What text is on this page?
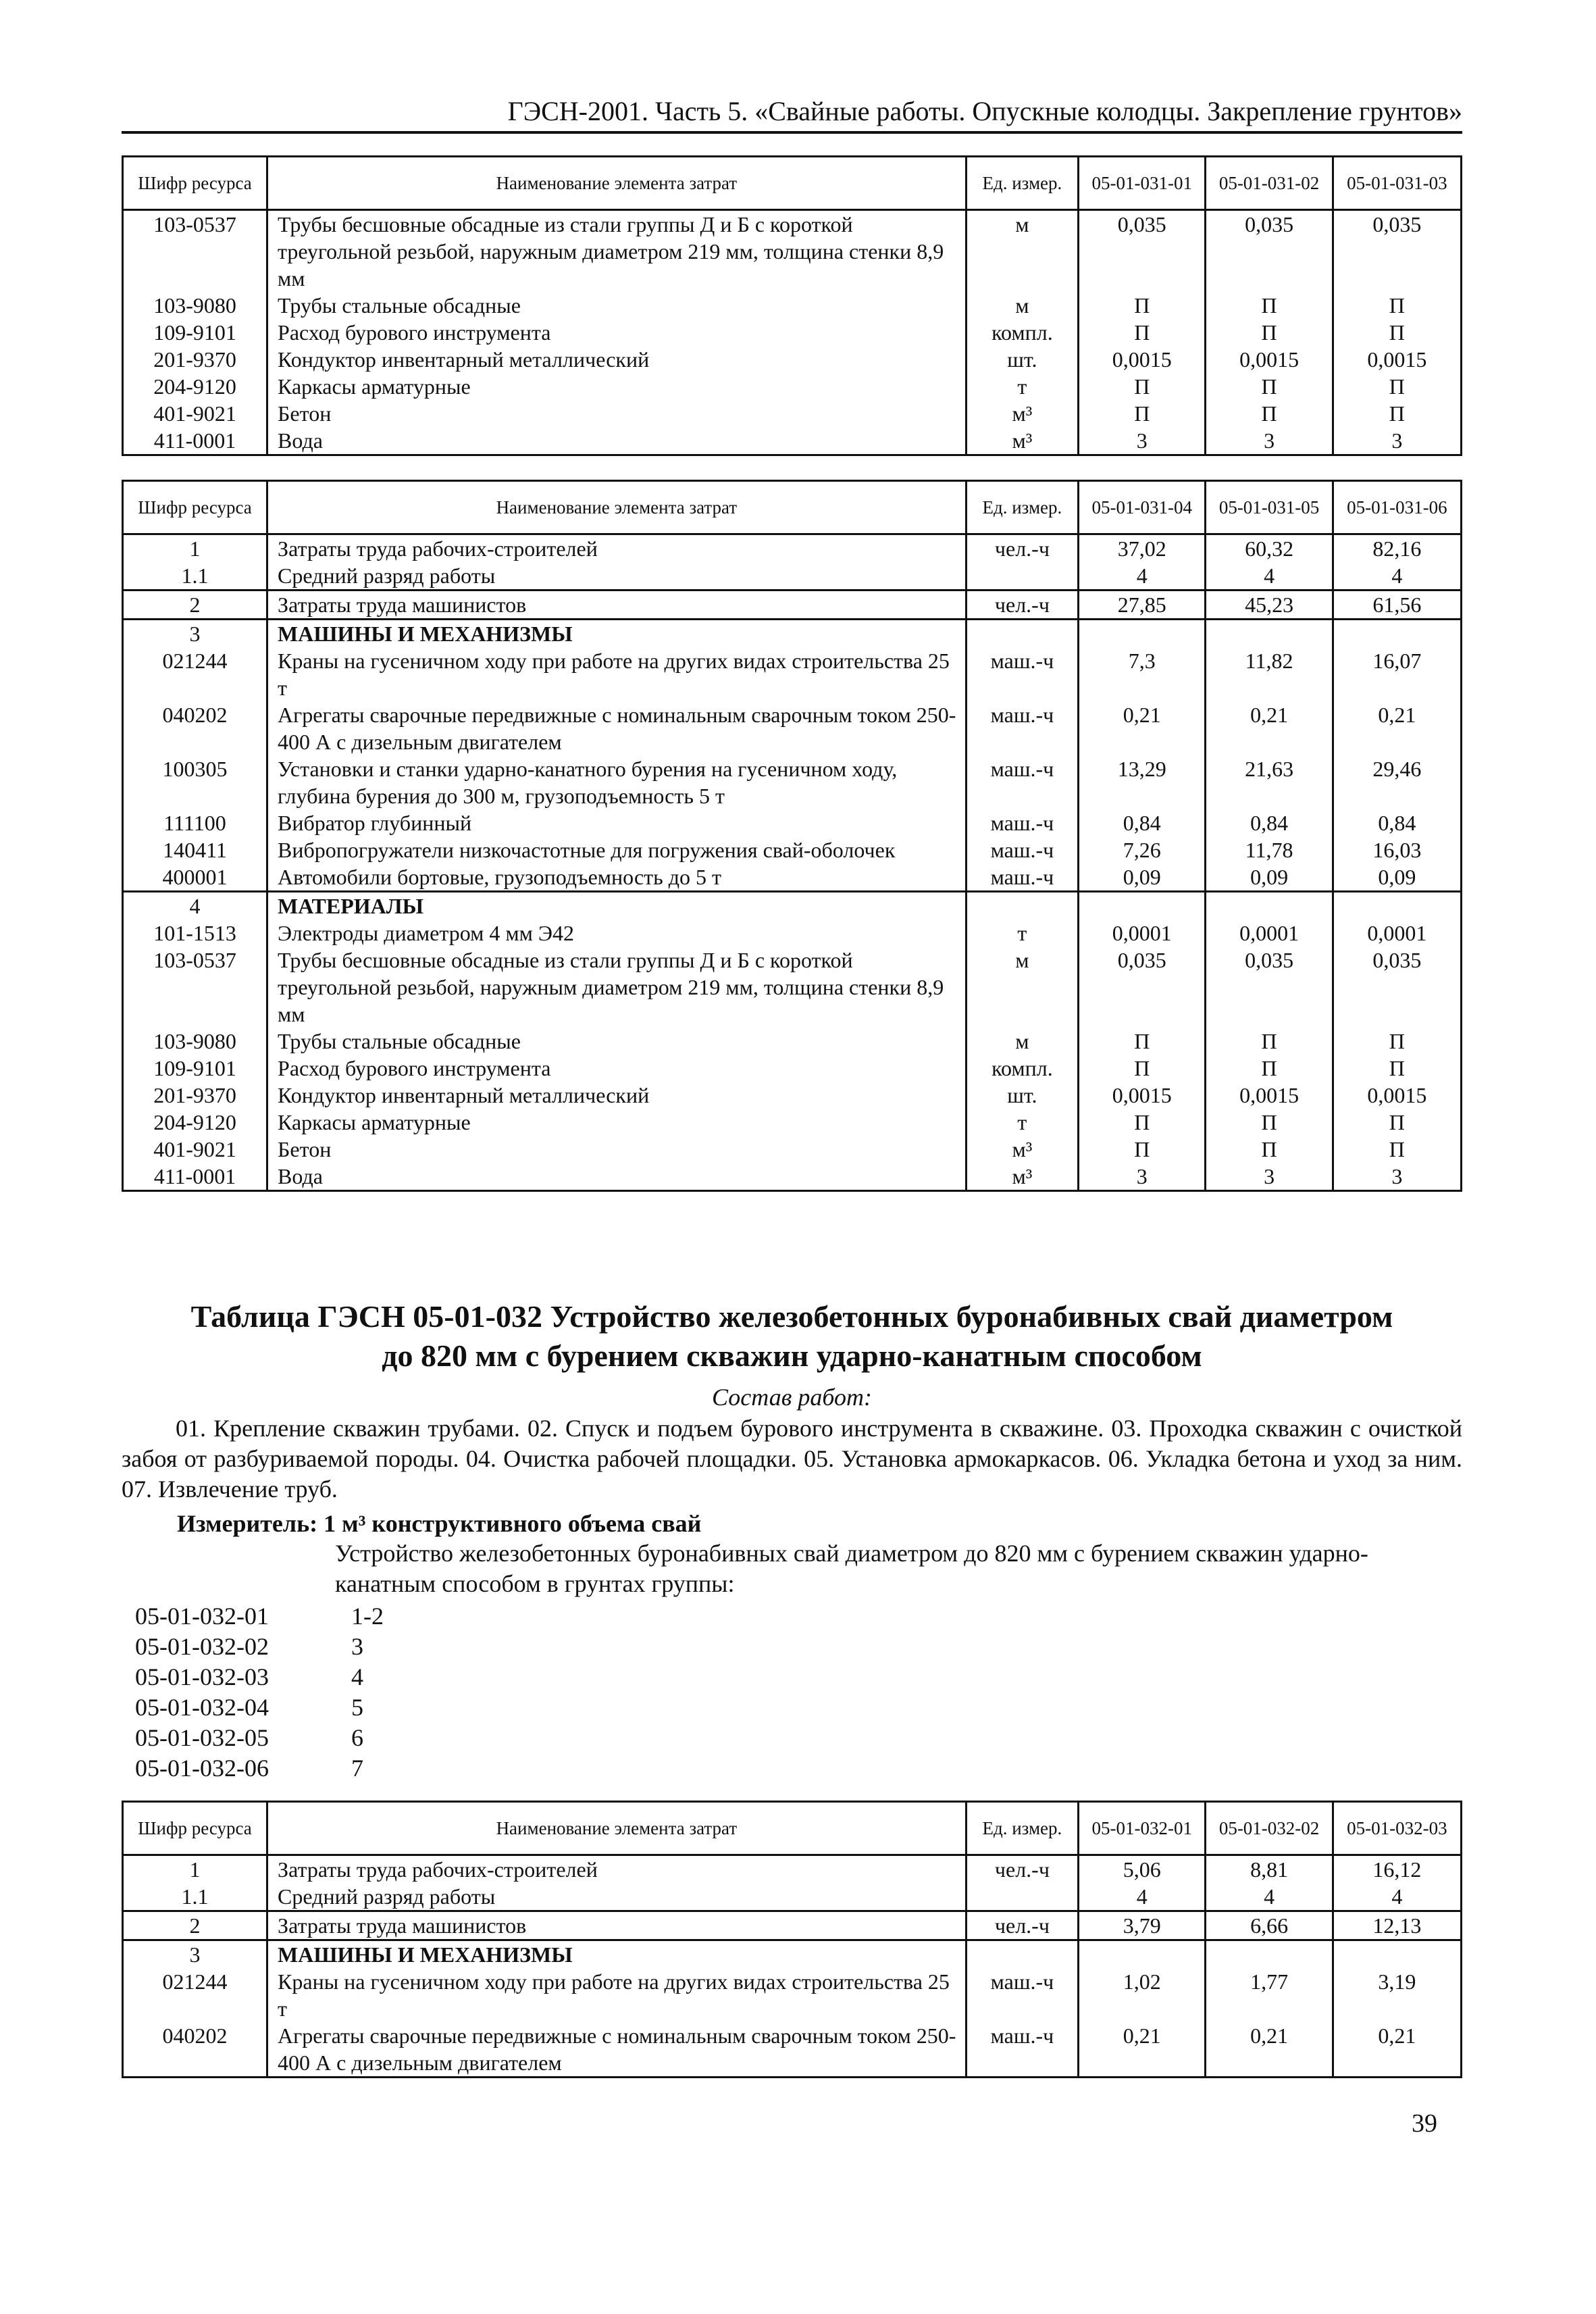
ГЭСН-2001. Часть 5. «Свайные работы. Опускные колодцы. Закрепление грунтов»
Шифр ресурса	Наименование элемента затрат	Ед. измер.	05-01-031-01	05-01-031-02	05-01-031-03
103-0537	Трубы бесшовные обсадные из стали группы Д и Б с короткой треугольной резьбой, наружным диаметром 219 мм, толщина стенки 8,9 мм	м	0,035	0,035	0,035
103-9080	Трубы стальные обсадные	м	П	П	П
109-9101	Расход бурового инструмента	компл.	П	П	П
201-9370	Кондуктор инвентарный металлический	шт.	0,0015	0,0015	0,0015
204-9120	Каркасы арматурные	т	П	П	П
401-9021	Бетон	м³	П	П	П
411-0001	Вода	м³	3	3	3
Шифр ресурса	Наименование элемента затрат	Ед. измер.	05-01-031-04	05-01-031-05	05-01-031-06
1	Затраты труда рабочих-строителей	чел.-ч	37,02	60,32	82,16
1.1	Средний разряд работы		4	4	4
2	Затраты труда машинистов	чел.-ч	27,85	45,23	61,56
3	МАШИНЫ И МЕХАНИЗМЫ				
021244	Краны на гусеничном ходу при работе на других видах строительства 25 т	маш.-ч	7,3	11,82	16,07
040202	Агрегаты сварочные передвижные с номинальным сварочным током 250-400 А с дизельным двигателем	маш.-ч	0,21	0,21	0,21
100305	Установки и станки ударно-канатного бурения на гусеничном ходу, глубина бурения до 300 м, грузоподъемность 5 т	маш.-ч	13,29	21,63	29,46
111100	Вибратор глубинный	маш.-ч	0,84	0,84	0,84
140411	Вибропогружатели низкочастотные для погружения свай-оболочек	маш.-ч	7,26	11,78	16,03
400001	Автомобили бортовые, грузоподъемность до 5 т	маш.-ч	0,09	0,09	0,09
4	МАТЕРИАЛЫ				
101-1513	Электроды диаметром 4 мм Э42	т	0,0001	0,0001	0,0001
103-0537	Трубы бесшовные обсадные из стали группы Д и Б с короткой треугольной резьбой, наружным диаметром 219 мм, толщина стенки 8,9 мм	м	0,035	0,035	0,035
103-9080	Трубы стальные обсадные	м	П	П	П
109-9101	Расход бурового инструмента	компл.	П	П	П
201-9370	Кондуктор инвентарный металлический	шт.	0,0015	0,0015	0,0015
204-9120	Каркасы арматурные	т	П	П	П
401-9021	Бетон	м³	П	П	П
411-0001	Вода	м³	3	3	3
Таблица ГЭСН 05-01-032 Устройство железобетонных буронабивных свай диаметром
до 820 мм с бурением скважин ударно-канатным способом
Состав работ:
01. Крепление скважин трубами. 02. Спуск и подъем бурового инструмента в скважине. 03. Проходка скважин с очисткой забоя от разбуриваемой породы. 04. Очистка рабочей площадки. 05. Установка армокаркасов. 06. Укладка бетона и уход за ним. 07. Извлечение труб.
Измеритель: 1 м³ конструктивного объема свай
Устройство железобетонных буронабивных свай диаметром до 820 мм с бурением скважин ударно-канатным способом в грунтах группы:
05-01-032-01	1-2
05-01-032-02	3
05-01-032-03	4
05-01-032-04	5
05-01-032-05	6
05-01-032-06	7
Шифр ресурса	Наименование элемента затрат	Ед. измер.	05-01-032-01	05-01-032-02	05-01-032-03
1	Затраты труда рабочих-строителей	чел.-ч	5,06	8,81	16,12
1.1	Средний разряд работы		4	4	4
2	Затраты труда машинистов	чел.-ч	3,79	6,66	12,13
3	МАШИНЫ И МЕХАНИЗМЫ				
021244	Краны на гусеничном ходу при работе на других видах строительства 25 т	маш.-ч	1,02	1,77	3,19
040202	Агрегаты сварочные передвижные с номинальным сварочным током 250-400 А с дизельным двигателем	маш.-ч	0,21	0,21	0,21
39
